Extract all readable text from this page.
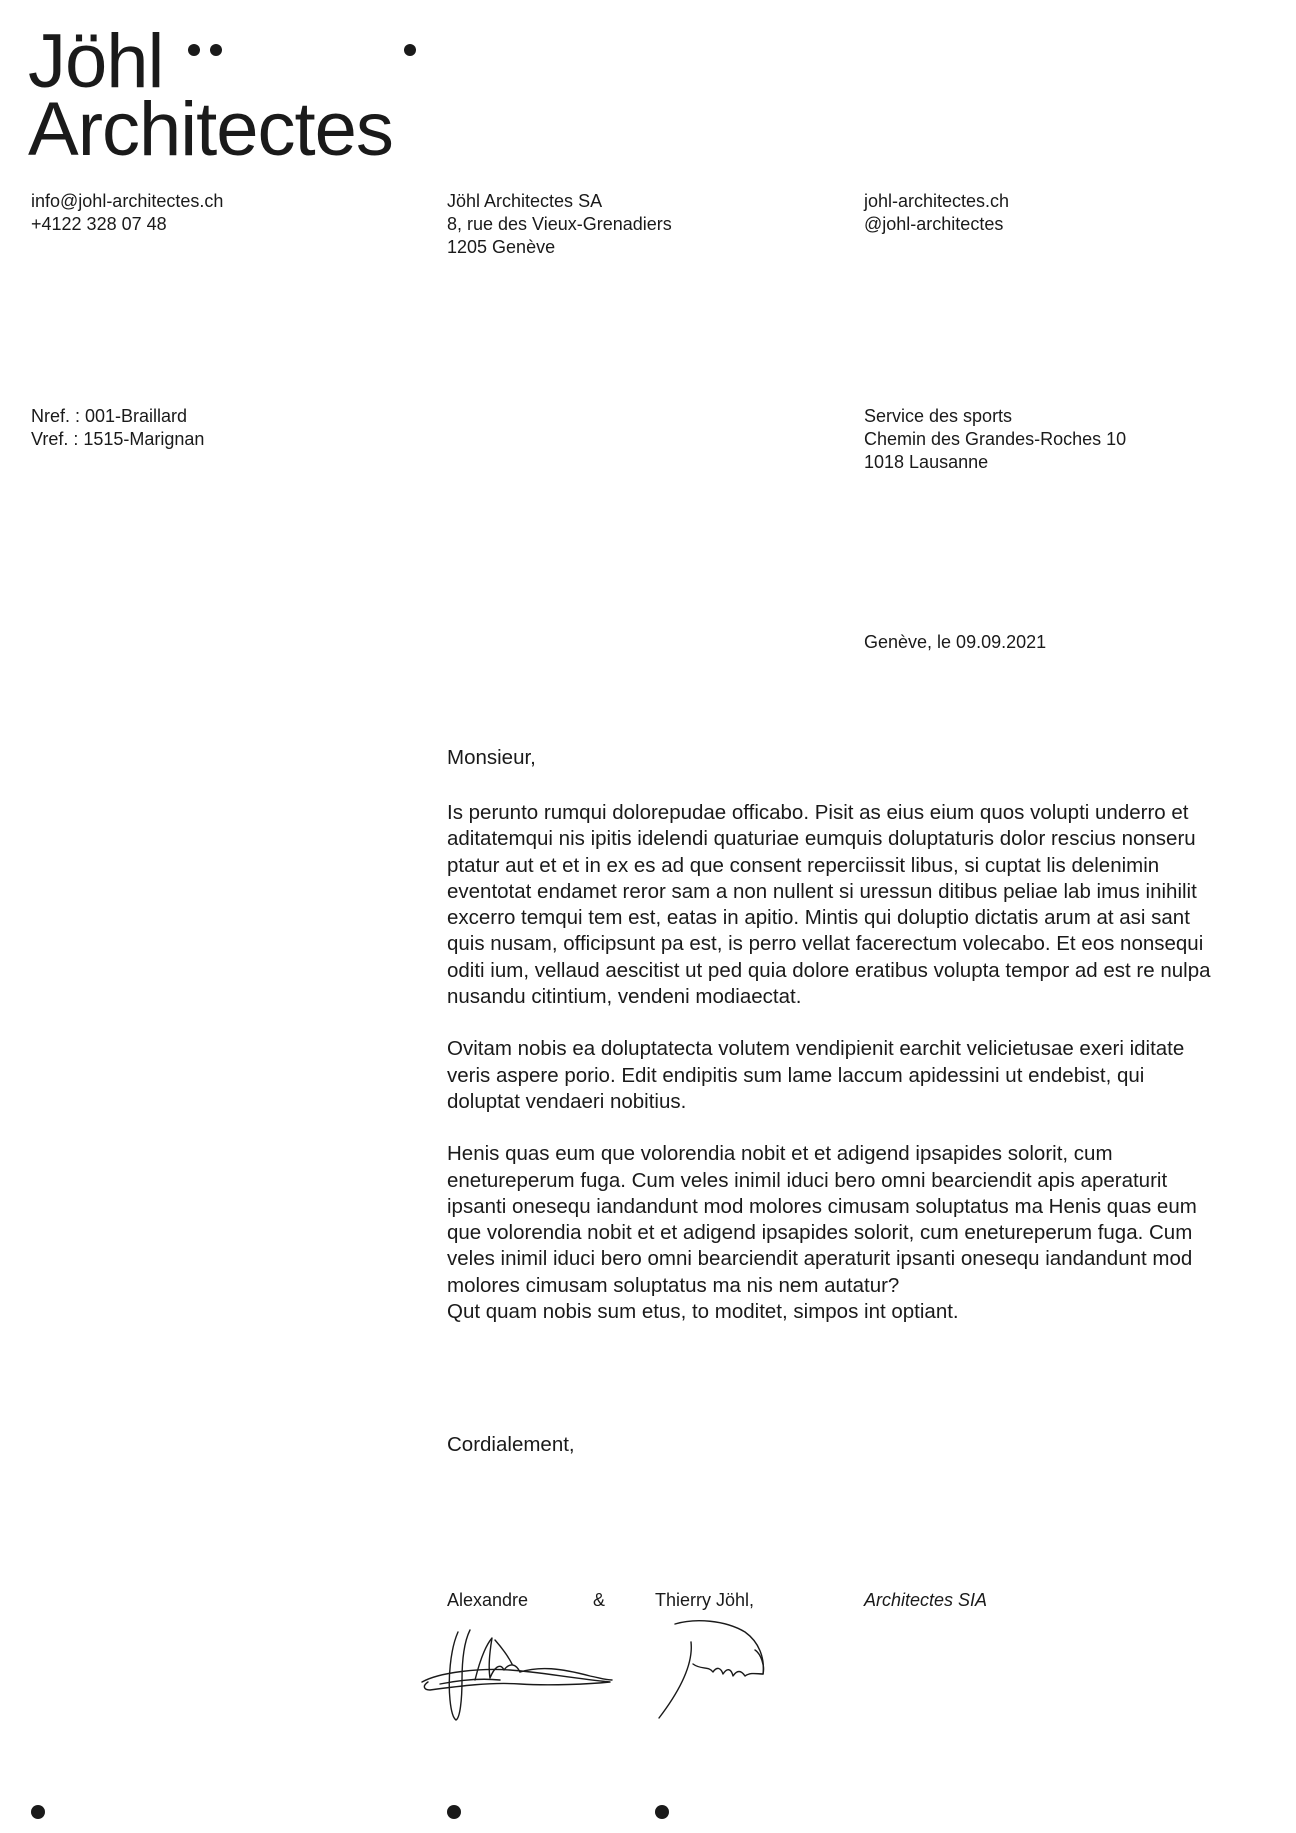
Jöhl
Architectes
info@johl-architectes.ch
+4122 328 07 48
Jöhl Architectes SA
8, rue des Vieux-Grenadiers
1205 Genève
johl-architectes.ch
@johl-architectes
Nref. : 001-Braillard
Vref. : 1515-Marignan
Service des sports
Chemin des Grandes-Roches 10
1018 Lausanne
Genève, le 09.09.2021
Monsieur,

Is perunto rumqui dolorepudae officabo. Pisit as eius eium quos volupti underro et aditatemqui nis ipitis idelendi quaturiae eumquis doluptaturis dolor rescius nonseru ptatur aut et et in ex es ad que consent reperciissit libus, si cuptat lis delenimin eventotat endamet reror sam a non nullent si uressun ditibus peliae lab imus inihilit excerro temqui tem est, eatas in apitio. Mintis qui doluptio dictatis arum at asi sant quis nusam, officipsunt pa est, is perro vellat facerectum volecabo. Et eos nonsequi oditi ium, vellaud aescitist ut ped quia dolore eratibus volupta tempor ad est re nulpa nusandu citintium, vendeni modiaectat.

Ovitam nobis ea doluptatecta volutem vendipienit earchit velicietusae exeri iditate veris aspere porio. Edit endipitis sum lame laccum apidessini ut endebist, qui doluptat vendaeri nobitius.

Henis quas eum que volorendia nobit et et adigend ipsapides solorit, cum enetureperum fuga. Cum veles inimil iduci bero omni bearciendit apis aperaturit ipsanti onesequ iandandunt mod molores cimusam soluptatus ma Henis quas eum que volorendia nobit et et adigend ipsapides solorit, cum enetureperum fuga. Cum veles inimil iduci bero omni bearciendit aperaturit ipsanti onesequ iandandunt mod molores cimusam soluptatus ma nis nem autatur?

Qut quam nobis sum etus, to moditet, simpos int optiant.

Cordialement,
Alexandre	&	Thierry Jöhl,	Architectes SIA
